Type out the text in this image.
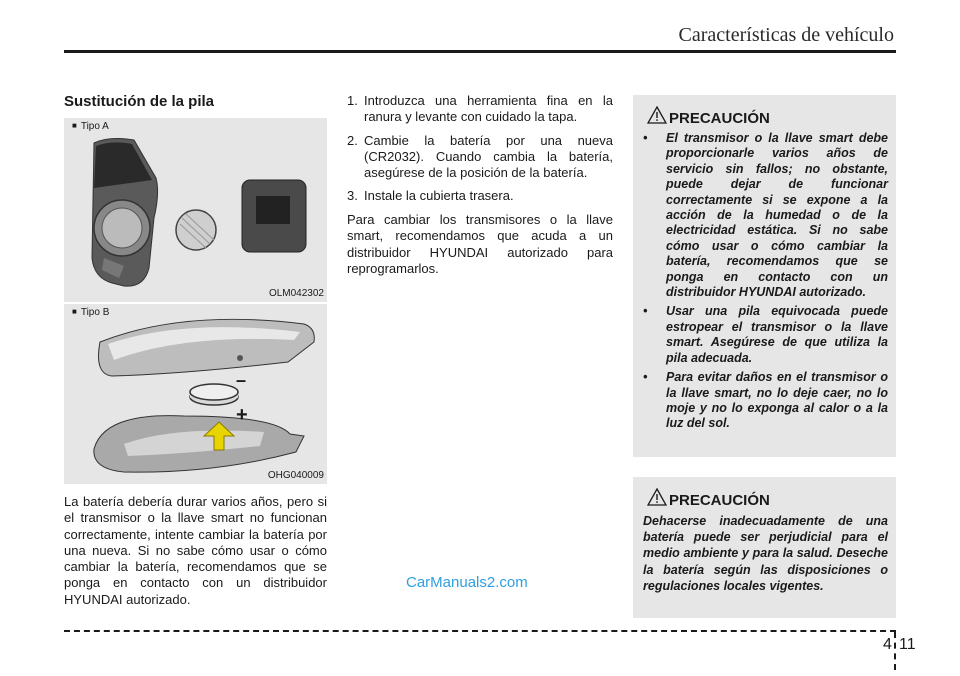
Características de vehículo
Sustitución de la pila
■ Tipo A
OLM042302
■ Tipo B
–
+
OHG040009
La batería debería durar varios años, pero si el transmisor o la llave smart no funcionan correctamente, intente cambiar la batería por una nueva. Si no sabe cómo usar o cómo cambiar la batería, recomendamos que se ponga en contacto con un distribuidor HYUNDAI autorizado.
1. Introduzca una herramienta fina en la ranura y levante con cuidado la tapa.
2. Cambie la batería por una nueva (CR2032). Cuando cambia la batería, asegúrese de la posición de la batería.
3. Instale la cubierta trasera.
Para cambiar los transmisores o la llave smart, recomendamos que acuda a un distribuidor HYUNDAI autorizado para reprogramarlos.
PRECAUCIÓN
• El transmisor o la llave smart debe proporcionarle varios años de servicio sin fallos; no obstante, puede dejar de funcionar correctamente si se expone a la acción de la humedad o de la electricidad estática. Si no sabe cómo usar o cómo cambiar la batería, recomendamos que se ponga en contacto con un distribuidor HYUNDAI autorizado.
• Usar una pila equivocada puede estropear el transmisor o la llave smart. Asegúrese de que utiliza la pila adecuada.
• Para evitar daños en el transmisor o la llave smart, no lo deje caer, no lo moje y no lo exponga al calor o a la luz del sol.
PRECAUCIÓN
Dehacerse inadecuadamente de una batería puede ser perjudicial para el medio ambiente y para la salud. Deseche la batería según las disposiciones o regulaciones locales vigentes.
CarManuals2.com
4 11
